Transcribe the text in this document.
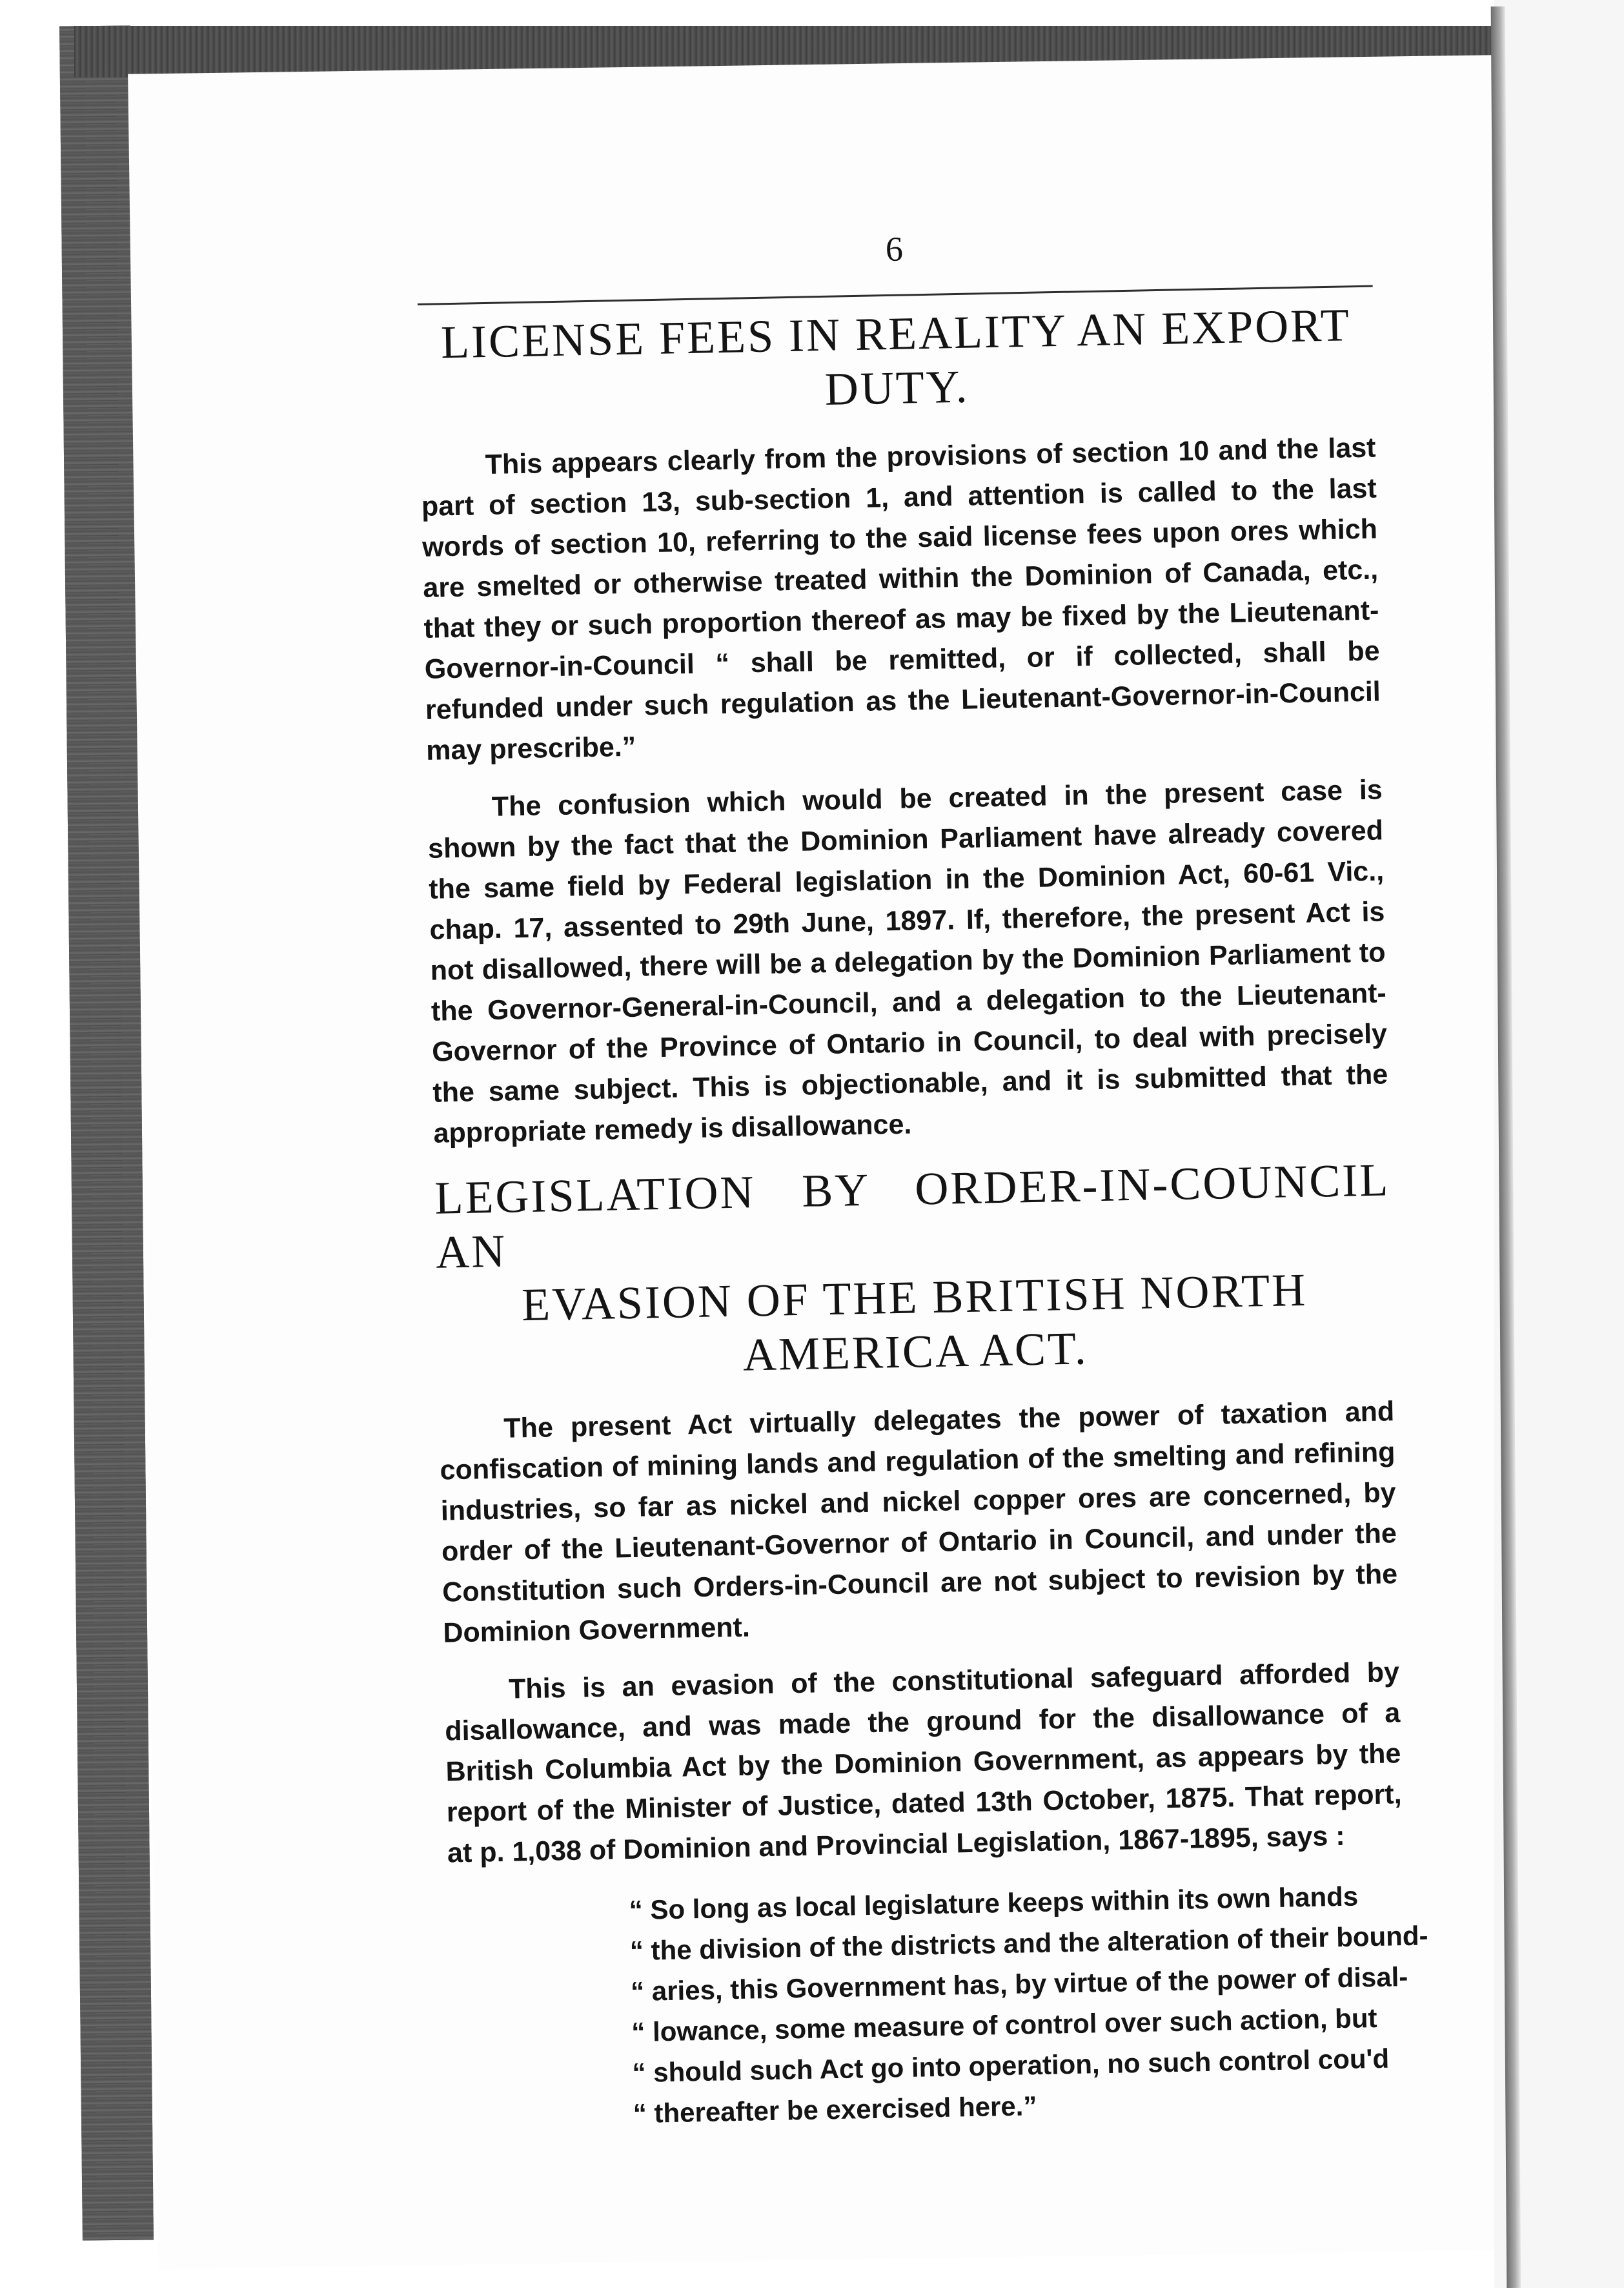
6
LICENSE FEES IN REALITY AN EXPORT
DUTY.

This appears clearly from the provisions of section 10 and the last part of section 13, sub-section 1, and attention is called to the last words of section 10, referring to the said license fees upon ores which are smelted or otherwise treated within the Dominion of Canada, etc., that they or such proportion thereof as may be fixed by the Lieutenant-Governor-in-Council “ shall be remitted, or if collected, shall be refunded under such regulation as the Lieutenant-Governor-in-Council may prescribe.”

The confusion which would be created in the present case is shown by the fact that the Dominion Parliament have already covered the same field by Federal legislation in the Dominion Act, 60-61 Vic., chap. 17, assented to 29th June, 1897. If, therefore, the present Act is not disallowed, there will be a delegation by the Dominion Parliament to the Governor-General-in-Council, and a delegation to the Lieutenant-Governor of the Province of Ontario in Council, to deal with precisely the same subject. This is objectionable, and it is submitted that the appropriate remedy is disallowance.

LEGISLATION BY ORDER-IN-COUNCIL AN
EVASION OF THE BRITISH NORTH
AMERICA ACT.

The present Act virtually delegates the power of taxation and confiscation of mining lands and regulation of the smelting and refining industries, so far as nickel and nickel copper ores are concerned, by order of the Lieutenant-Governor of Ontario in Council, and under the Constitution such Orders-in-Council are not subject to revision by the Dominion Government.

This is an evasion of the constitutional safeguard afforded by disallowance, and was made the ground for the disallowance of a British Columbia Act by the Dominion Government, as appears by the report of the Minister of Justice, dated 13th October, 1875. That report, at p. 1,038 of Dominion and Provincial Legislation, 1867-1895, says :

“ So long as local legislature keeps within its own hands
“ the division of the districts and the alteration of their bound-
“ aries, this Government has, by virtue of the power of disal-
“ lowance, some measure of control over such action, but
“ should such Act go into operation, no such control cou'd
“ thereafter be exercised here.”
